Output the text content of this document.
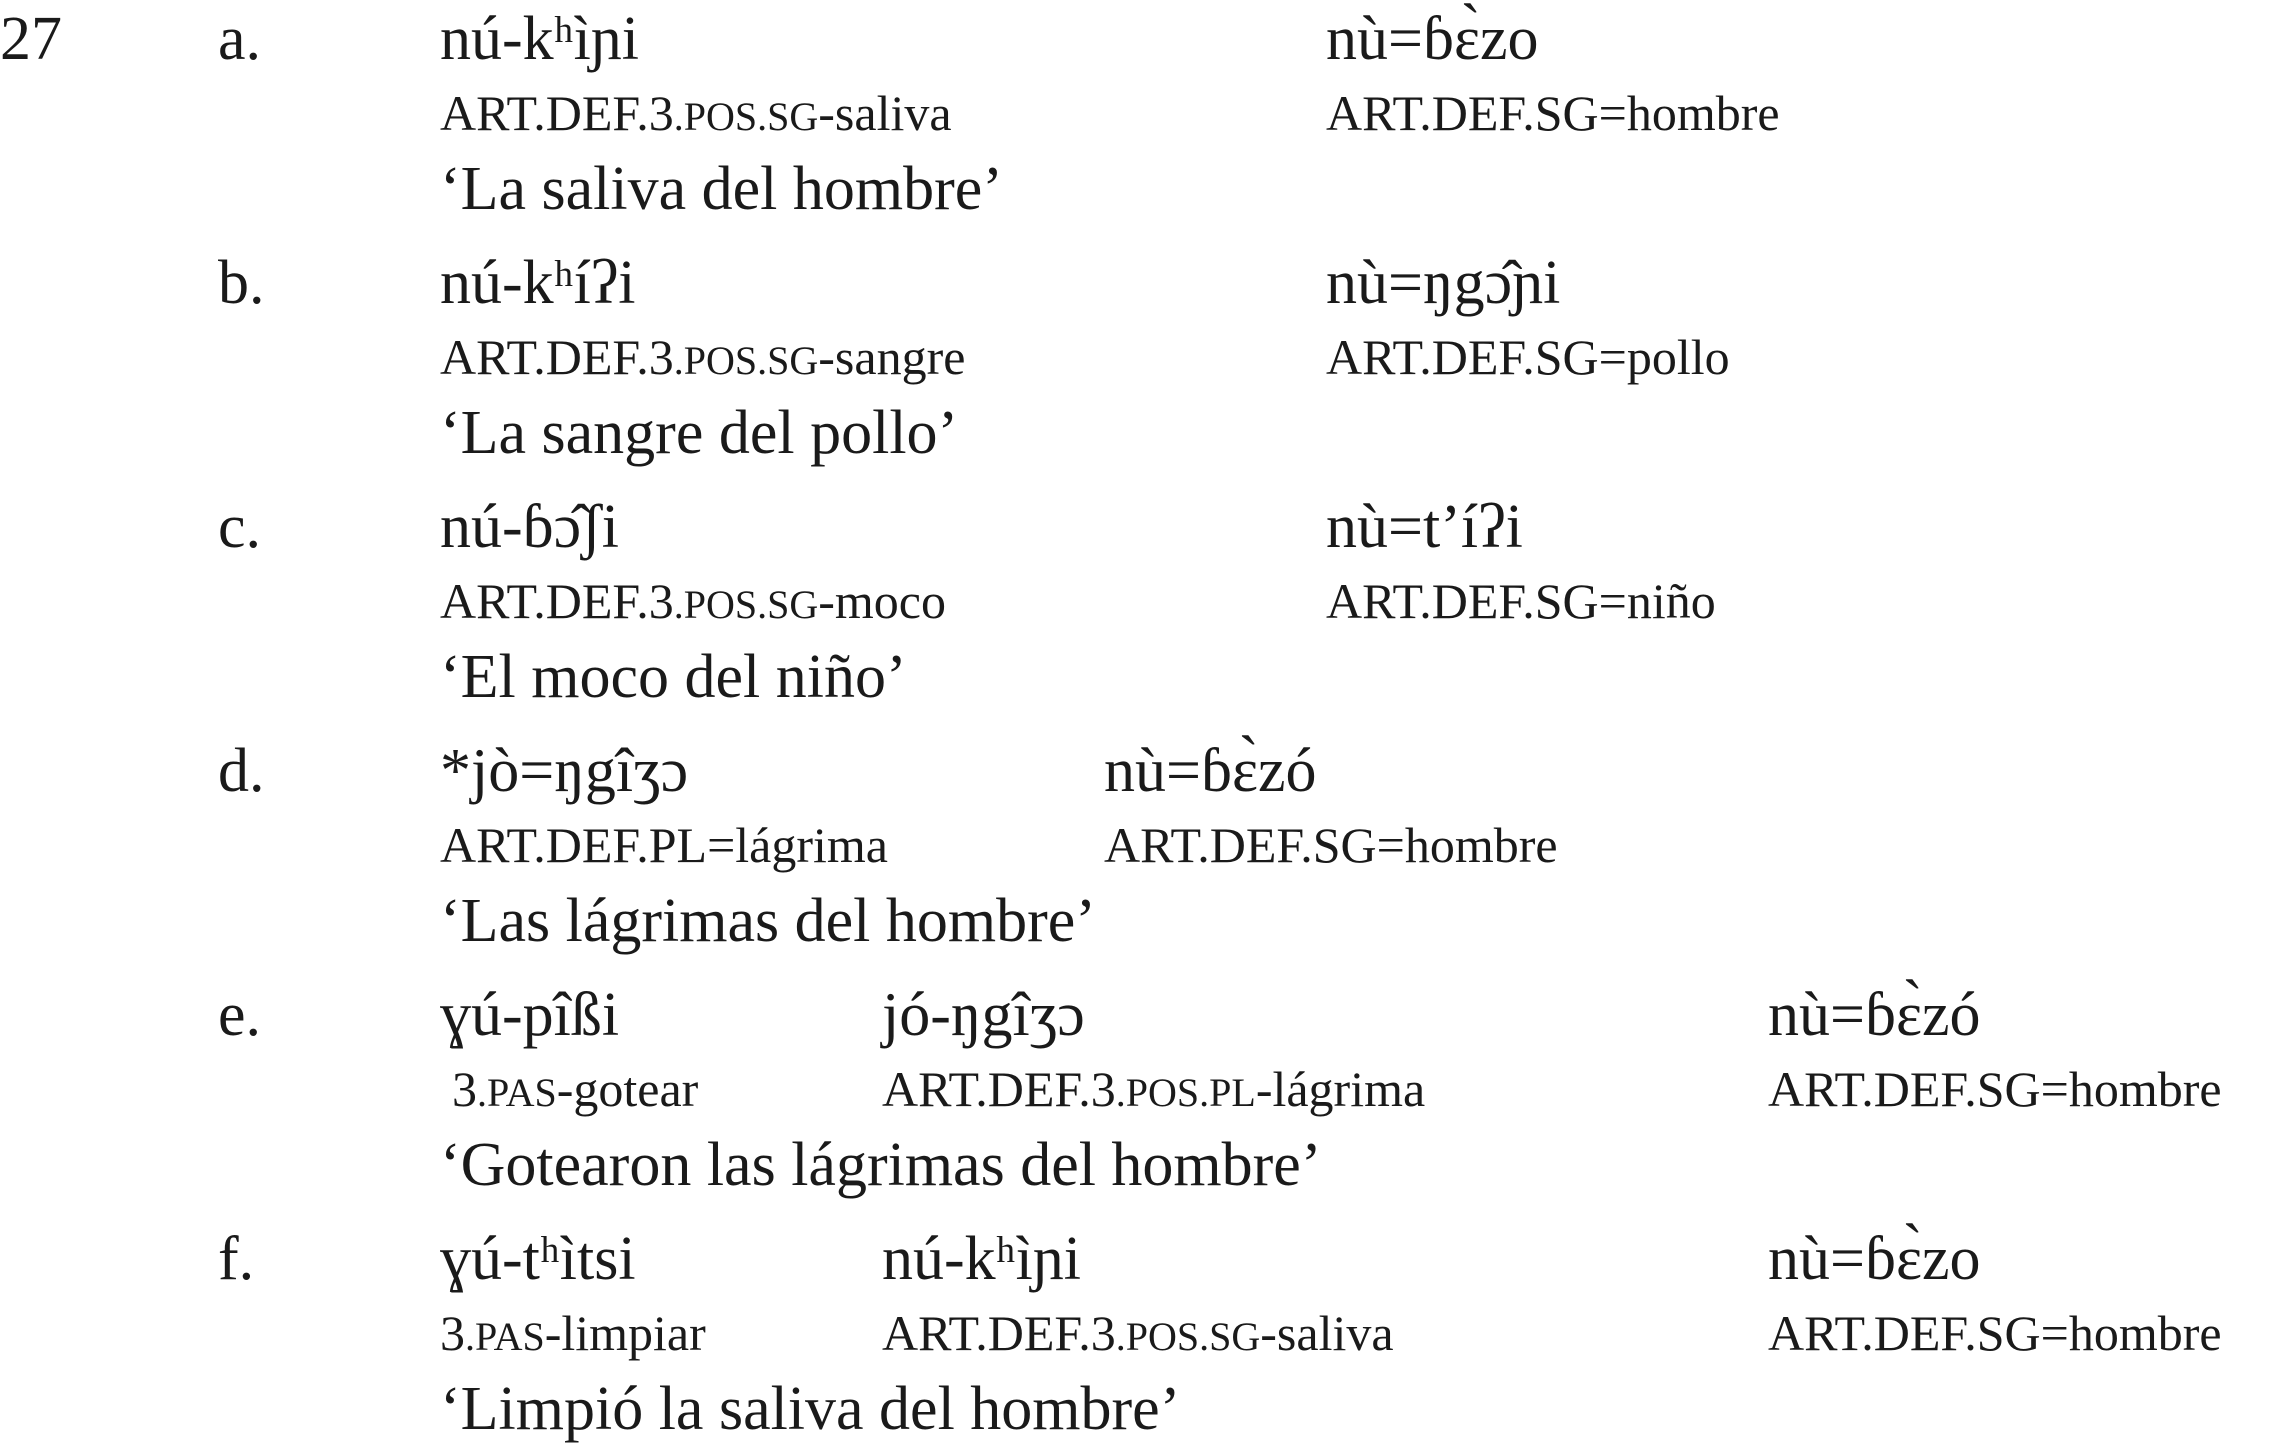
27	a.	nú-kʰìɲi	nù=ɓɛ̀zo
ART.DEF.3.POS.SG-saliva	ART.DEF.SG=hombre
‘La saliva del hombre’
b.	nú-kʰíʔi	nù=ŋgɔ̂ɲi
ART.DEF.3.POS.SG-sangre	ART.DEF.SG=pollo
‘La sangre del pollo’
c.	nú-ɓɔ̂ʃi	nù=t’íʔi
ART.DEF.3.POS.SG-moco	ART.DEF.SG=niño
‘El moco del niño’
d.	*jò=ŋgîʒɔ	nù=ɓɛ̀zó
ART.DEF.PL=lágrima	ART.DEF.SG=hombre
‘Las lágrimas del hombre’
e.	ɣú-pîßi	jó-ŋgîʒɔ	nù=ɓɛ̀zó
3.PAS-gotear	ART.DEF.3.POS.PL-lágrima	ART.DEF.SG=hombre
‘Gotearon las lágrimas del hombre’
f.	ɣú-tʰìtsi	nú-kʰìɲi	nù=ɓɛ̀zo
3.PAS-limpiar	ART.DEF.3.POS.SG-saliva	ART.DEF.SG=hombre
‘Limpió la saliva del hombre’
